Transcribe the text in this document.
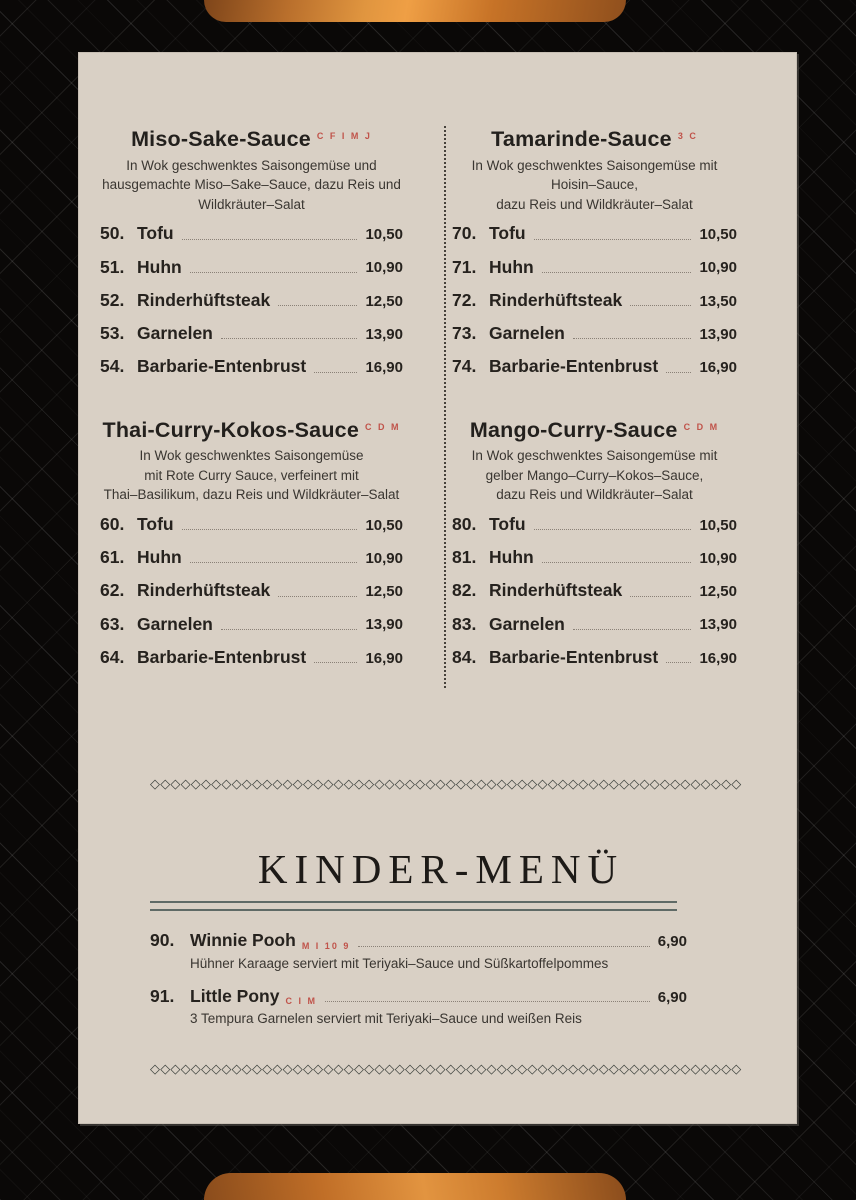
Miso-Sake-Sauce $^{C F I M J}$

In Wok geschwenktes Saisongemüse und
hausgemachte Miso–Sake–Sauce, dazu Reis und
Wildkräuter–Salat

50. Tofu	10,50
51. Huhn	10,90
52. Rinderhüftsteak	12,50
53. Garnelen	13,90
54. Barbarie-Entenbrust	16,90
Tamarinde-Sauce $^{3 C}$

In Wok geschwenktes Saisongemüse mit
Hoisin–Sauce,
dazu Reis und Wildkräuter–Salat

70. Tofu	10,50
71. Huhn	10,90
72. Rinderhüftsteak	13,50
73. Garnelen	13,90
74. Barbarie-Entenbrust	16,90
Thai-Curry-Kokos-Sauce $^{C D M}$

In Wok geschwenktes Saisongemüse
mit Rote Curry Sauce, verfeinert mit
Thai–Basilikum, dazu Reis und Wildkräuter–Salat

60. Tofu	10,50
61. Huhn	10,90
62. Rinderhüftsteak	12,50
63. Garnelen	13,90
64. Barbarie-Entenbrust	16,90
Mango-Curry-Sauce $^{C D M}$

In Wok geschwenktes Saisongemüse mit
gelber Mango–Curry–Kokos–Sauce,
dazu Reis und Wildkräuter–Salat

80. Tofu	10,50
81. Huhn	10,90
82. Rinderhüftsteak	12,50
83. Garnelen	13,90
84. Barbarie-Entenbrust	16,90
◇◇◇◇◇◇◇◇◇◇◇◇◇◇◇◇◇◇◇◇◇◇◇◇◇◇◇◇◇◇◇◇◇◇◇◇◇◇◇◇◇◇◇◇◇◇◇◇◇◇◇◇◇◇◇◇◇◇
KINDER-MENÜ
90. Winnie Pooh M I 10 9	6,90

Hühner Karaage serviert mit Teriyaki–Sauce und Süßkartoffelpommes

91. Little Pony C I M	6,90

3 Tempura Garnelen serviert mit Teriyaki–Sauce und weißen Reis

◇◇◇◇◇◇◇◇◇◇◇◇◇◇◇◇◇◇◇◇◇◇◇◇◇◇◇◇◇◇◇◇◇◇◇◇◇◇◇◇◇◇◇◇◇◇◇◇◇◇◇◇◇◇◇◇◇◇
